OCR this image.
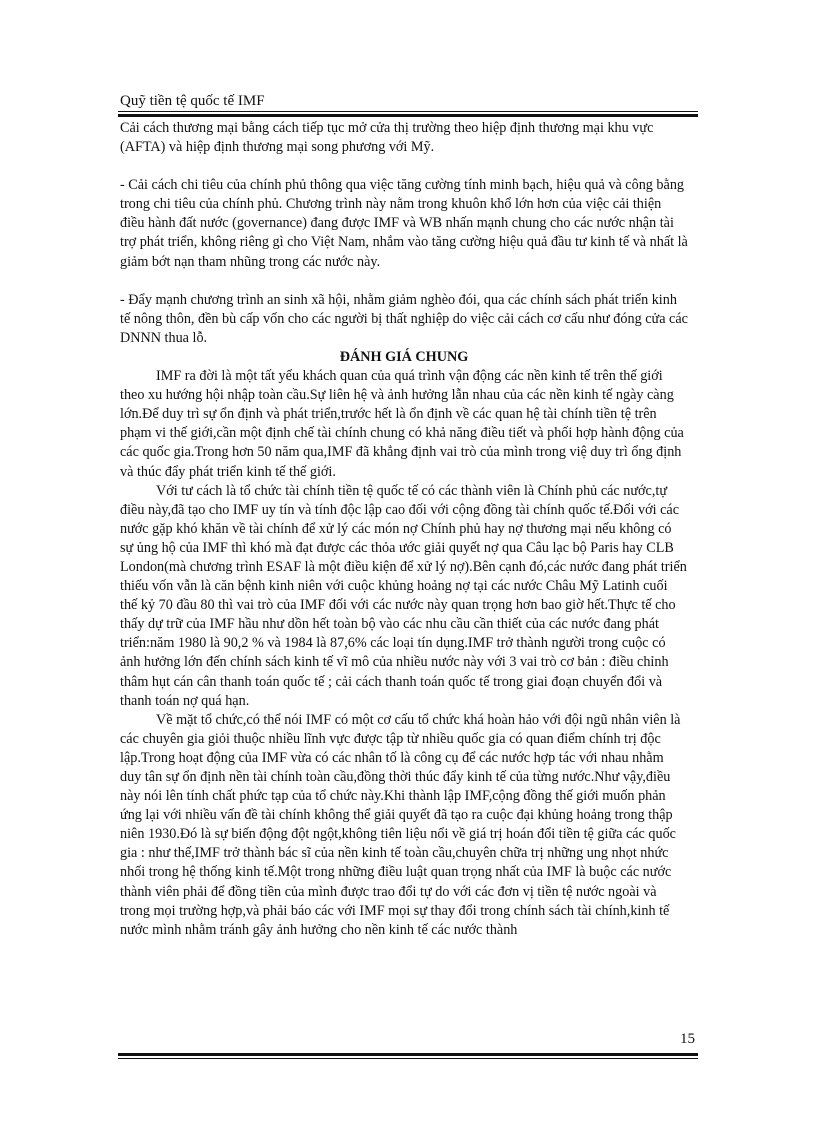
Quỹ tiền tệ quốc tế IMF

Cải cách thương mại bằng cách tiếp tục mở cửa thị trường theo hiệp định thương mại khu vực (AFTA) và hiệp định thương mại song phương với Mỹ.

- Cải cách chi tiêu của chính phủ thông qua việc tăng cường tính minh bạch, hiệu quả và công bằng trong chi tiêu của chính phủ. Chương trình này nằm trong khuôn khổ lớn hơn của việc cải thiện điều hành đất nước (governance) đang được IMF và WB nhấn mạnh chung cho các nước nhận tài trợ phát triển, không riêng gì cho Việt Nam, nhắm vào tăng cường hiệu quả đầu tư kinh tế và nhất là giảm bớt nạn tham nhũng trong các nước này.

- Đẩy mạnh chương trình an sinh xã hội, nhằm giảm nghèo đói, qua các chính sách phát triển kinh tế nông thôn, đền bù cấp vốn cho các người bị thất nghiệp do việc cải cách cơ cấu như đóng cửa các DNNN thua lỗ.

ĐÁNH GIÁ CHUNG

IMF ra đời là một tất yếu khách quan của quá trình vận động các nền kinh tế trên thế giới theo xu hướng hội nhập toàn cầu.Sự liên hệ và ảnh hưởng lẫn nhau của các nền kinh tế ngày càng lớn.Để duy trì sự ổn định và phát triển,trước hết là ổn định về các quan hệ tài chính tiền tệ trên phạm vi thế giới,cần một định chế tài chính chung có khả năng điều tiết và phối hợp hành động của các quốc gia.Trong hơn 50 năm qua,IMF đã khẳng định vai trò của mình trong việ duy trì ổng định và thúc đẩy phát triển kinh tế thế giới.

Với tư cách là tổ chức tài chính tiền tệ quốc tế có các thành viên là Chính phủ các nước,tự điều này,đã tạo cho IMF uy tín và tính độc lập cao đối với cộng đồng tài chính quốc tế.Đối với các nước gặp khó khăn về tài chính để xử lý các món nợ Chính phủ hay nợ thương mại nếu không có sự ủng hộ của IMF thì khó mà đạt được các thỏa ước giải quyết nợ qua Câu lạc bộ Paris hay CLB London(mà chương trình ESAF là một điều kiện để xử lý nợ).Bên cạnh đó,các nước đang phát triển thiếu vốn vẫn là căn bệnh kinh niên với cuộc khủng hoảng nợ tại các nước Châu Mỹ Latinh cuối thế kỷ 70 đầu 80 thì vai trò của IMF đối với các nước này quan trọng hơn bao giờ hết.Thực tế cho thấy dự trữ của IMF hầu như dồn hết toàn bộ vào các nhu cầu cần thiết của các nước đang phát triển:năm 1980 là 90,2 % và 1984 là 87,6% các loại tín dụng.IMF trở thành người trong cuộc có ảnh hưởng lớn đến chính sách kinh tế vĩ mô của nhiều nước này với 3 vai trò cơ bản : điều chỉnh thâm hụt cán cân thanh toán quốc tế ; cải cách thanh toán quốc tế trong giai đoạn chuyển đổi và thanh toán nợ quá hạn.

Về mặt tổ chức,có thể nói IMF có một cơ cấu tổ chức khá hoàn hảo với đội ngũ nhân viên là các chuyên gia giỏi thuộc nhiều lĩnh vực được tập từ nhiều quốc gia có quan điểm chính trị độc lập.Trong hoạt động của IMF vừa có các nhân tố là công cụ để các nước hợp tác với nhau nhằm duy tân sự ổn định nền tài chính toàn cầu,đồng thời thúc đẩy kinh tế của từng nước.Như vậy,điều này nói lên tính chất phức tạp của tổ chức này.Khi thành lập IMF,cộng đồng thế giới muốn phản ứng lại với nhiều vấn đề tài chính không thể giải quyết đã tạo ra cuộc đại khủng hoảng trong thập niên 1930.Đó là sự biến động đột ngột,không tiên liệu nổi về giá trị hoán đổi tiền tệ giữa các quốc gia : như thế,IMF trở thành bác sĩ của nền kinh tế toàn cầu,chuyên chữa trị những ung nhọt nhức nhối trong hệ thống kinh tế.Một trong những điều luật quan trọng nhất của IMF là buộc các nước thành viên phải để đồng tiền của mình được trao đổi tự do với các đơn vị tiền tệ nước ngoài và trong mọi trường hợp,và phải báo các với IMF mọi sự thay đổi trong chính sách tài chính,kinh tế nước mình nhằm tránh gây ảnh hưởng cho nền kinh tế các nước thành

15
